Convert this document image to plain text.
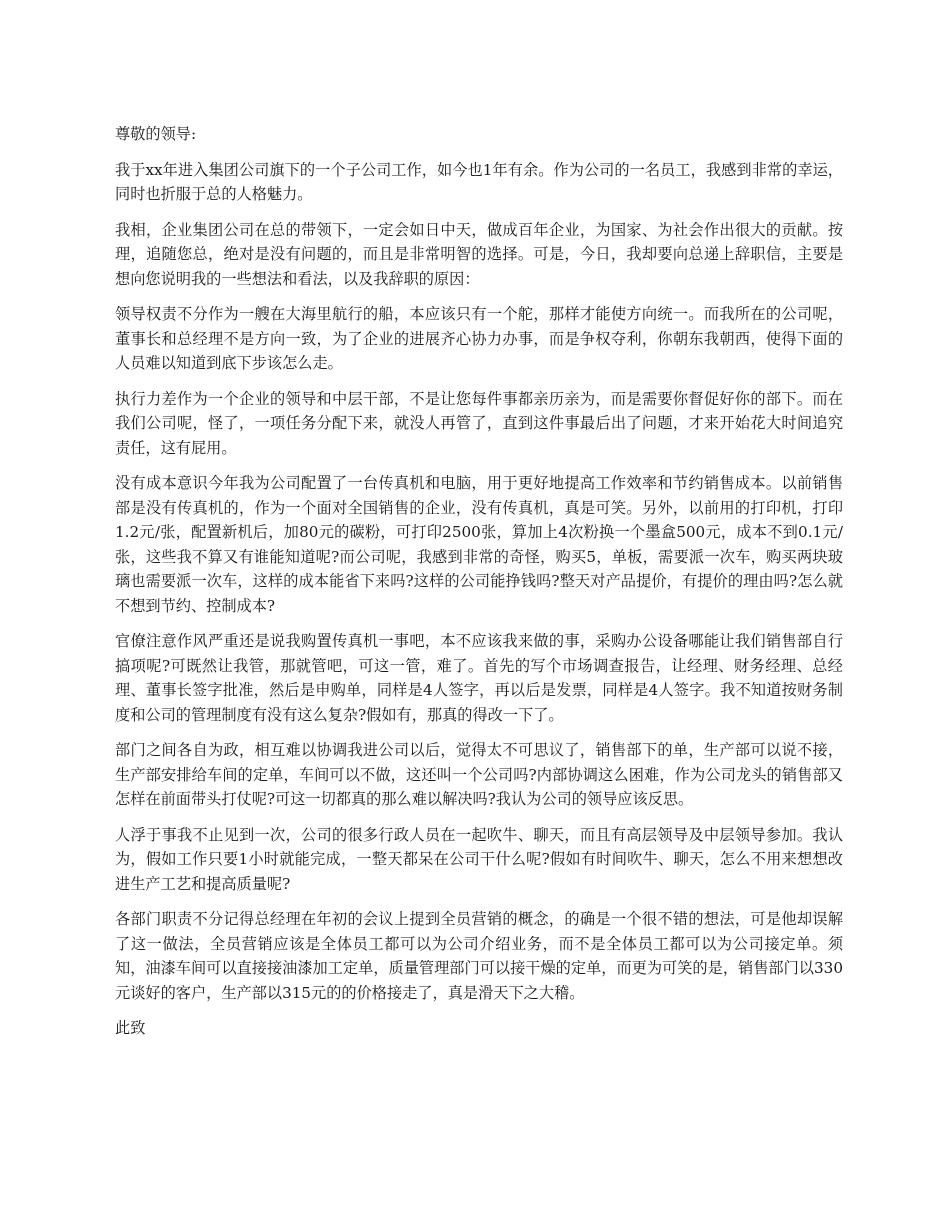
尊敬的领导:

我于xx年进入集团公司旗下的一个子公司工作，如今也1年有余。作为公司的一名员工，我感到非常的幸运，同时也折服于总的人格魅力。

我相，企业集团公司在总的带领下，一定会如日中天，做成百年企业，为国家、为社会作出很大的贡献。按理，追随您总，绝对是没有问题的，而且是非常明智的选择。可是，今日，我却要向总递上辞职信，主要是想向您说明我的一些想法和看法，以及我辞职的原因：

领导权责不分作为一艘在大海里航行的船，本应该只有一个舵，那样才能使方向统一。而我所在的公司呢，董事长和总经理不是方向一致，为了企业的进展齐心协力办事，而是争权夺利，你朝东我朝西，使得下面的人员难以知道到底下步该怎么走。

执行力差作为一个企业的领导和中层干部，不是让您每件事都亲历亲为，而是需要你督促好你的部下。而在我们公司呢，怪了，一项任务分配下来，就没人再管了，直到这件事最后出了问题，才来开始花大时间追究责任，这有屁用。

没有成本意识今年我为公司配置了一台传真机和电脑，用于更好地提高工作效率和节约销售成本。以前销售部是没有传真机的，作为一个面对全国销售的企业，没有传真机，真是可笑。另外，以前用的打印机，打印1.2元/张，配置新机后，加80元的碳粉，可打印2500张，算加上4次粉换一个墨盒500元，成本不到0.1元/张，这些我不算又有谁能知道呢?而公司呢，我感到非常的奇怪，购买5，单板，需要派一次车，购买两块玻璃也需要派一次车，这样的成本能省下来吗?这样的公司能挣钱吗?整天对产品提价，有提价的理由吗?怎么就不想到节约、控制成本?

官僚注意作风严重还是说我购置传真机一事吧，本不应该我来做的事，采购办公设备哪能让我们销售部自行搞项呢?可既然让我管，那就管吧，可这一管，难了。首先的写个市场调查报告，让经理、财务经理、总经理、董事长签字批准，然后是申购单，同样是4人签字，再以后是发票，同样是4人签字。我不知道按财务制度和公司的管理制度有没有这么复杂?假如有，那真的得改一下了。

部门之间各自为政，相互难以协调我进公司以后，觉得太不可思议了，销售部下的单，生产部可以说不接，生产部安排给车间的定单，车间可以不做，这还叫一个公司吗?内部协调这么困难，作为公司龙头的销售部又怎样在前面带头打仗呢?可这一切都真的那么难以解决吗?我认为公司的领导应该反思。

人浮于事我不止见到一次，公司的很多行政人员在一起吹牛、聊天，而且有高层领导及中层领导参加。我认为，假如工作只要1小时就能完成，一整天都呆在公司干什么呢?假如有时间吹牛、聊天，怎么不用来想想改进生产工艺和提高质量呢?

各部门职责不分记得总经理在年初的会议上提到全员营销的概念，的确是一个很不错的想法，可是他却误解了这一做法，全员营销应该是全体员工都可以为公司介绍业务，而不是全体员工都可以为公司接定单。须知，油漆车间可以直接接油漆加工定单，质量管理部门可以接干燥的定单，而更为可笑的是，销售部门以330元谈好的客户，生产部以315元的的价格接走了，真是滑天下之大稽。

此致
